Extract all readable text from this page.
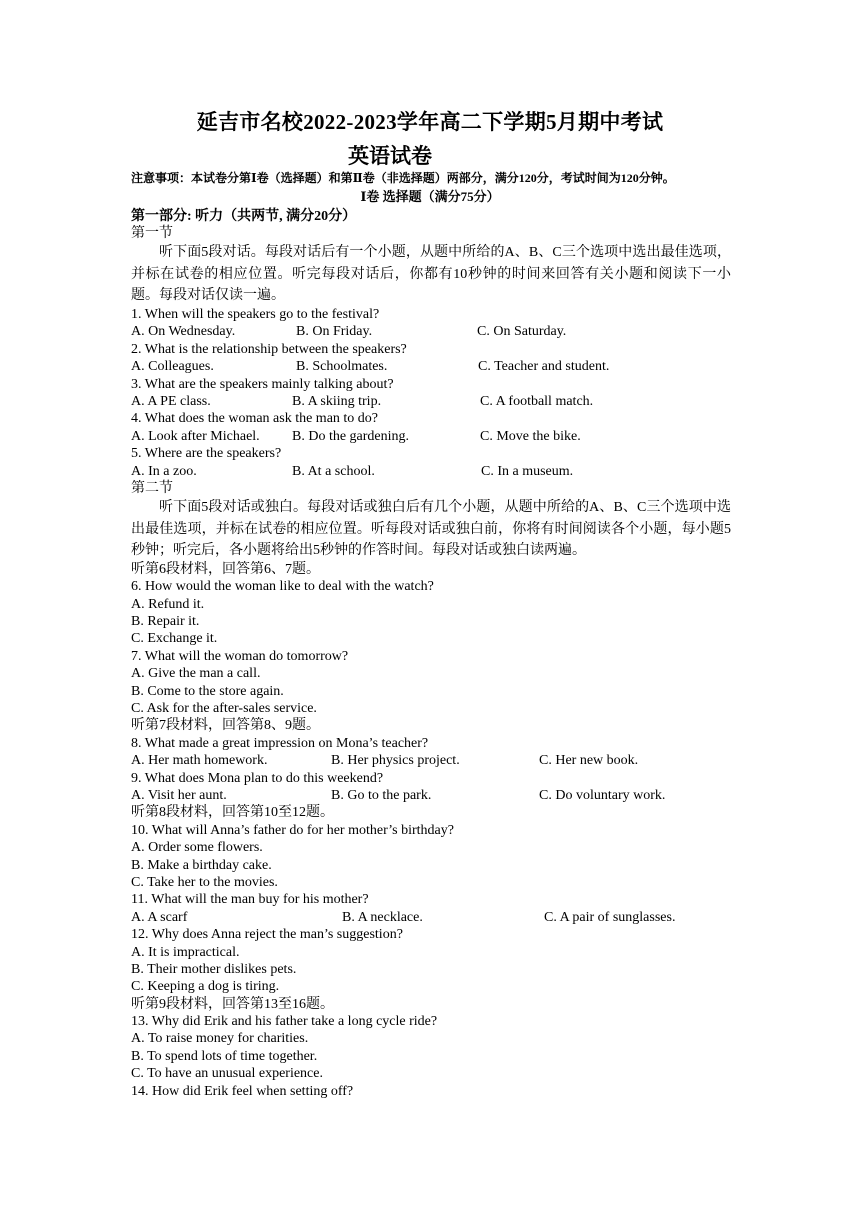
延吉市名校2022-2023学年高二下学期5月期中考试
英语试卷
注意事项：本试卷分第Ⅰ卷（选择题）和第Ⅱ卷（非选择题）两部分，满分120分，考试时间为120分钟。
Ⅰ卷 选择题（满分75分）
第一部分: 听力（共两节, 满分20分）
第一节
听下面5段对话。每段对话后有一个小题，从题中所给的A、B、C三个选项中选出最佳选项，并标在试卷的相应位置。听完每段对话后，你都有10秒钟的时间来回答有关小题和阅读下一小题。每段对话仅读一遍。
1. When will the speakers go to the festival?
A. On Wednesday.	B. On Friday.	C. On Saturday.
2. What is the relationship between the speakers?
A. Colleagues.	B. Schoolmates.	C. Teacher and student.
3. What are the speakers mainly talking about?
A. A PE class.	B. A skiing trip.	C. A football match.
4. What does the woman ask the man to do?
A. Look after Michael. B. Do the gardening.	C. Move the bike.
5. Where are the speakers?
A. In a zoo.	B. At a school.	C. In a museum.
第二节
听下面5段对话或独白。每段对话或独白后有几个小题，从题中所给的A、B、C三个选项中选出最佳选项，并标在试卷的相应位置。听每段对话或独白前，你将有时间阅读各个小题，每小题5秒钟；听完后，各小题将给出5秒钟的作答时间。每段对话或独白读两遍。
听第6段材料，回答第6、7题。
6. How would the woman like to deal with the watch?
A. Refund it.
B. Repair it.
C. Exchange it.
7. What will the woman do tomorrow?
A. Give the man a call.
B. Come to the store again.
C. Ask for the after-sales service.
听第7段材料，回答第8、9题。
8. What made a great impression on Mona’s teacher?
A. Her math homework.	B. Her physics project.	C. Her new book.
9. What does Mona plan to do this weekend?
A. Visit her aunt.	B. Go to the park.	C. Do voluntary work.
听第8段材料，回答第10至12题。
10. What will Anna’s father do for her mother’s birthday?
A. Order some flowers.
B. Make a birthday cake.
C. Take her to the movies.
11. What will the man buy for his mother?
A. A scarf	B. A necklace.	C. A pair of sunglasses.
12. Why does Anna reject the man’s suggestion?
A. It is impractical.
B. Their mother dislikes pets.
C. Keeping a dog is tiring.
听第9段材料，回答第13至16题。
13. Why did Erik and his father take a long cycle ride?
A. To raise money for charities.
B. To spend lots of time together.
C. To have an unusual experience.
14. How did Erik feel when setting off?
